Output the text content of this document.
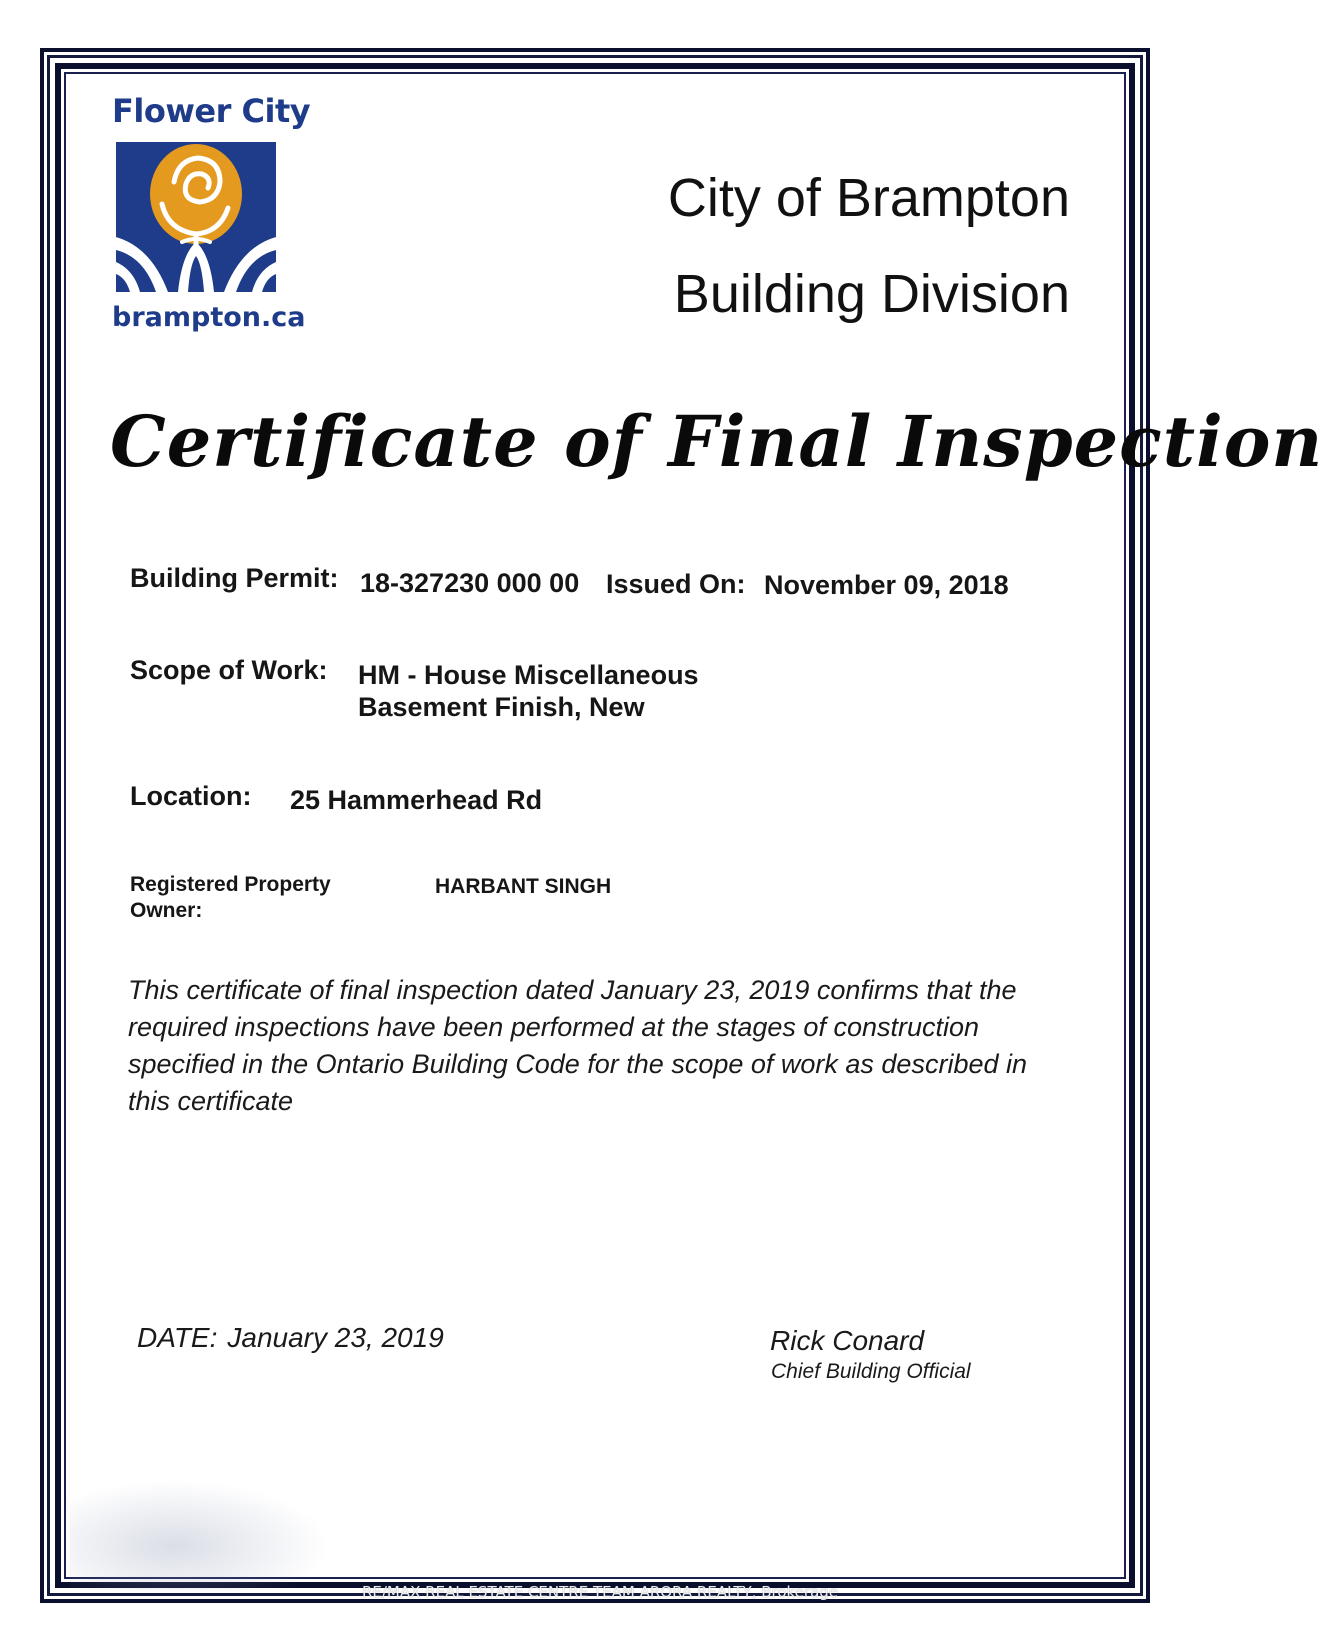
Flower City
brampton.ca
City of Brampton
Building Division
Certificate of Final Inspection
Building Permit: 18-327230 000 00 Issued On: November 09, 2018
Scope of Work: HM - House Miscellaneous
Basement Finish, New
Location: 25 Hammerhead Rd
Registered Property
Owner:
HARBANT SINGH
This certificate of final inspection dated January 23, 2019 confirms that the required inspections have been performed at the stages of construction specified in the Ontario Building Code for the scope of work as described in this certificate
DATE: January 23, 2019	Rick Conard
Chief Building Official
RE/MAX REAL ESTATE CENTRE TEAM ARORA REALTY, Brokerage
